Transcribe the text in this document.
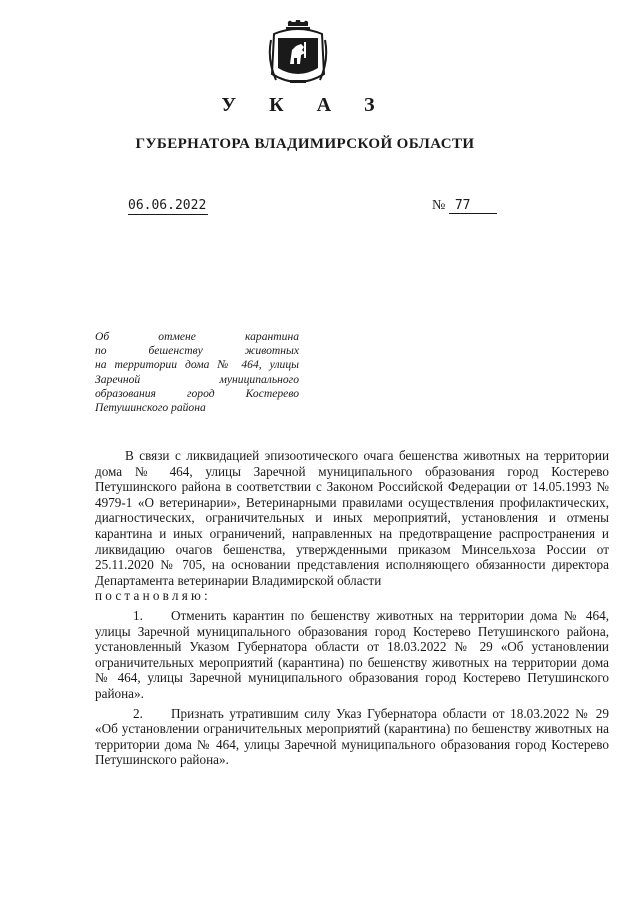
У К А З
ГУБЕРНАТОРА ВЛАДИМИРСКОЙ ОБЛАСТИ
06.06.2022	№ 77
Об отмене карантина
по бешенству животных
на территории дома № 464, улицы
Заречной муниципального
образования город Костерево
Петушинского района

В связи с ликвидацией эпизоотического очага бешенства животных на территории дома № 464, улицы Заречной муниципального образования город Костерево Петушинского района в соответствии с Законом Российской Федерации от 14.05.1993 № 4979-1 «О ветеринарии», Ветеринарными правилами осуществления профилактических, диагностических, ограничительных и иных мероприятий, установления и отмены карантина и иных ограничений, направленных на предотвращение распространения и ликвидацию очагов бешенства, утвержденными приказом Минсельхоза России от 25.11.2020 № 705, на основании представления исполняющего обязанности директора Департамента ветеринарии Владимирской области

постановляю:

1. Отменить карантин по бешенству животных на территории дома № 464, улицы Заречной муниципального образования город Костерево Петушинского района, установленный Указом Губернатора области от 18.03.2022 № 29 «Об установлении ограничительных мероприятий (карантина) по бешенству животных на территории дома № 464, улицы Заречной муниципального образования город Костерево Петушинского района».

2. Признать утратившим силу Указ Губернатора области от 18.03.2022 № 29 «Об установлении ограничительных мероприятий (карантина) по бешенству животных на территории дома № 464, улицы Заречной муниципального образования город Костерево Петушинского района».
